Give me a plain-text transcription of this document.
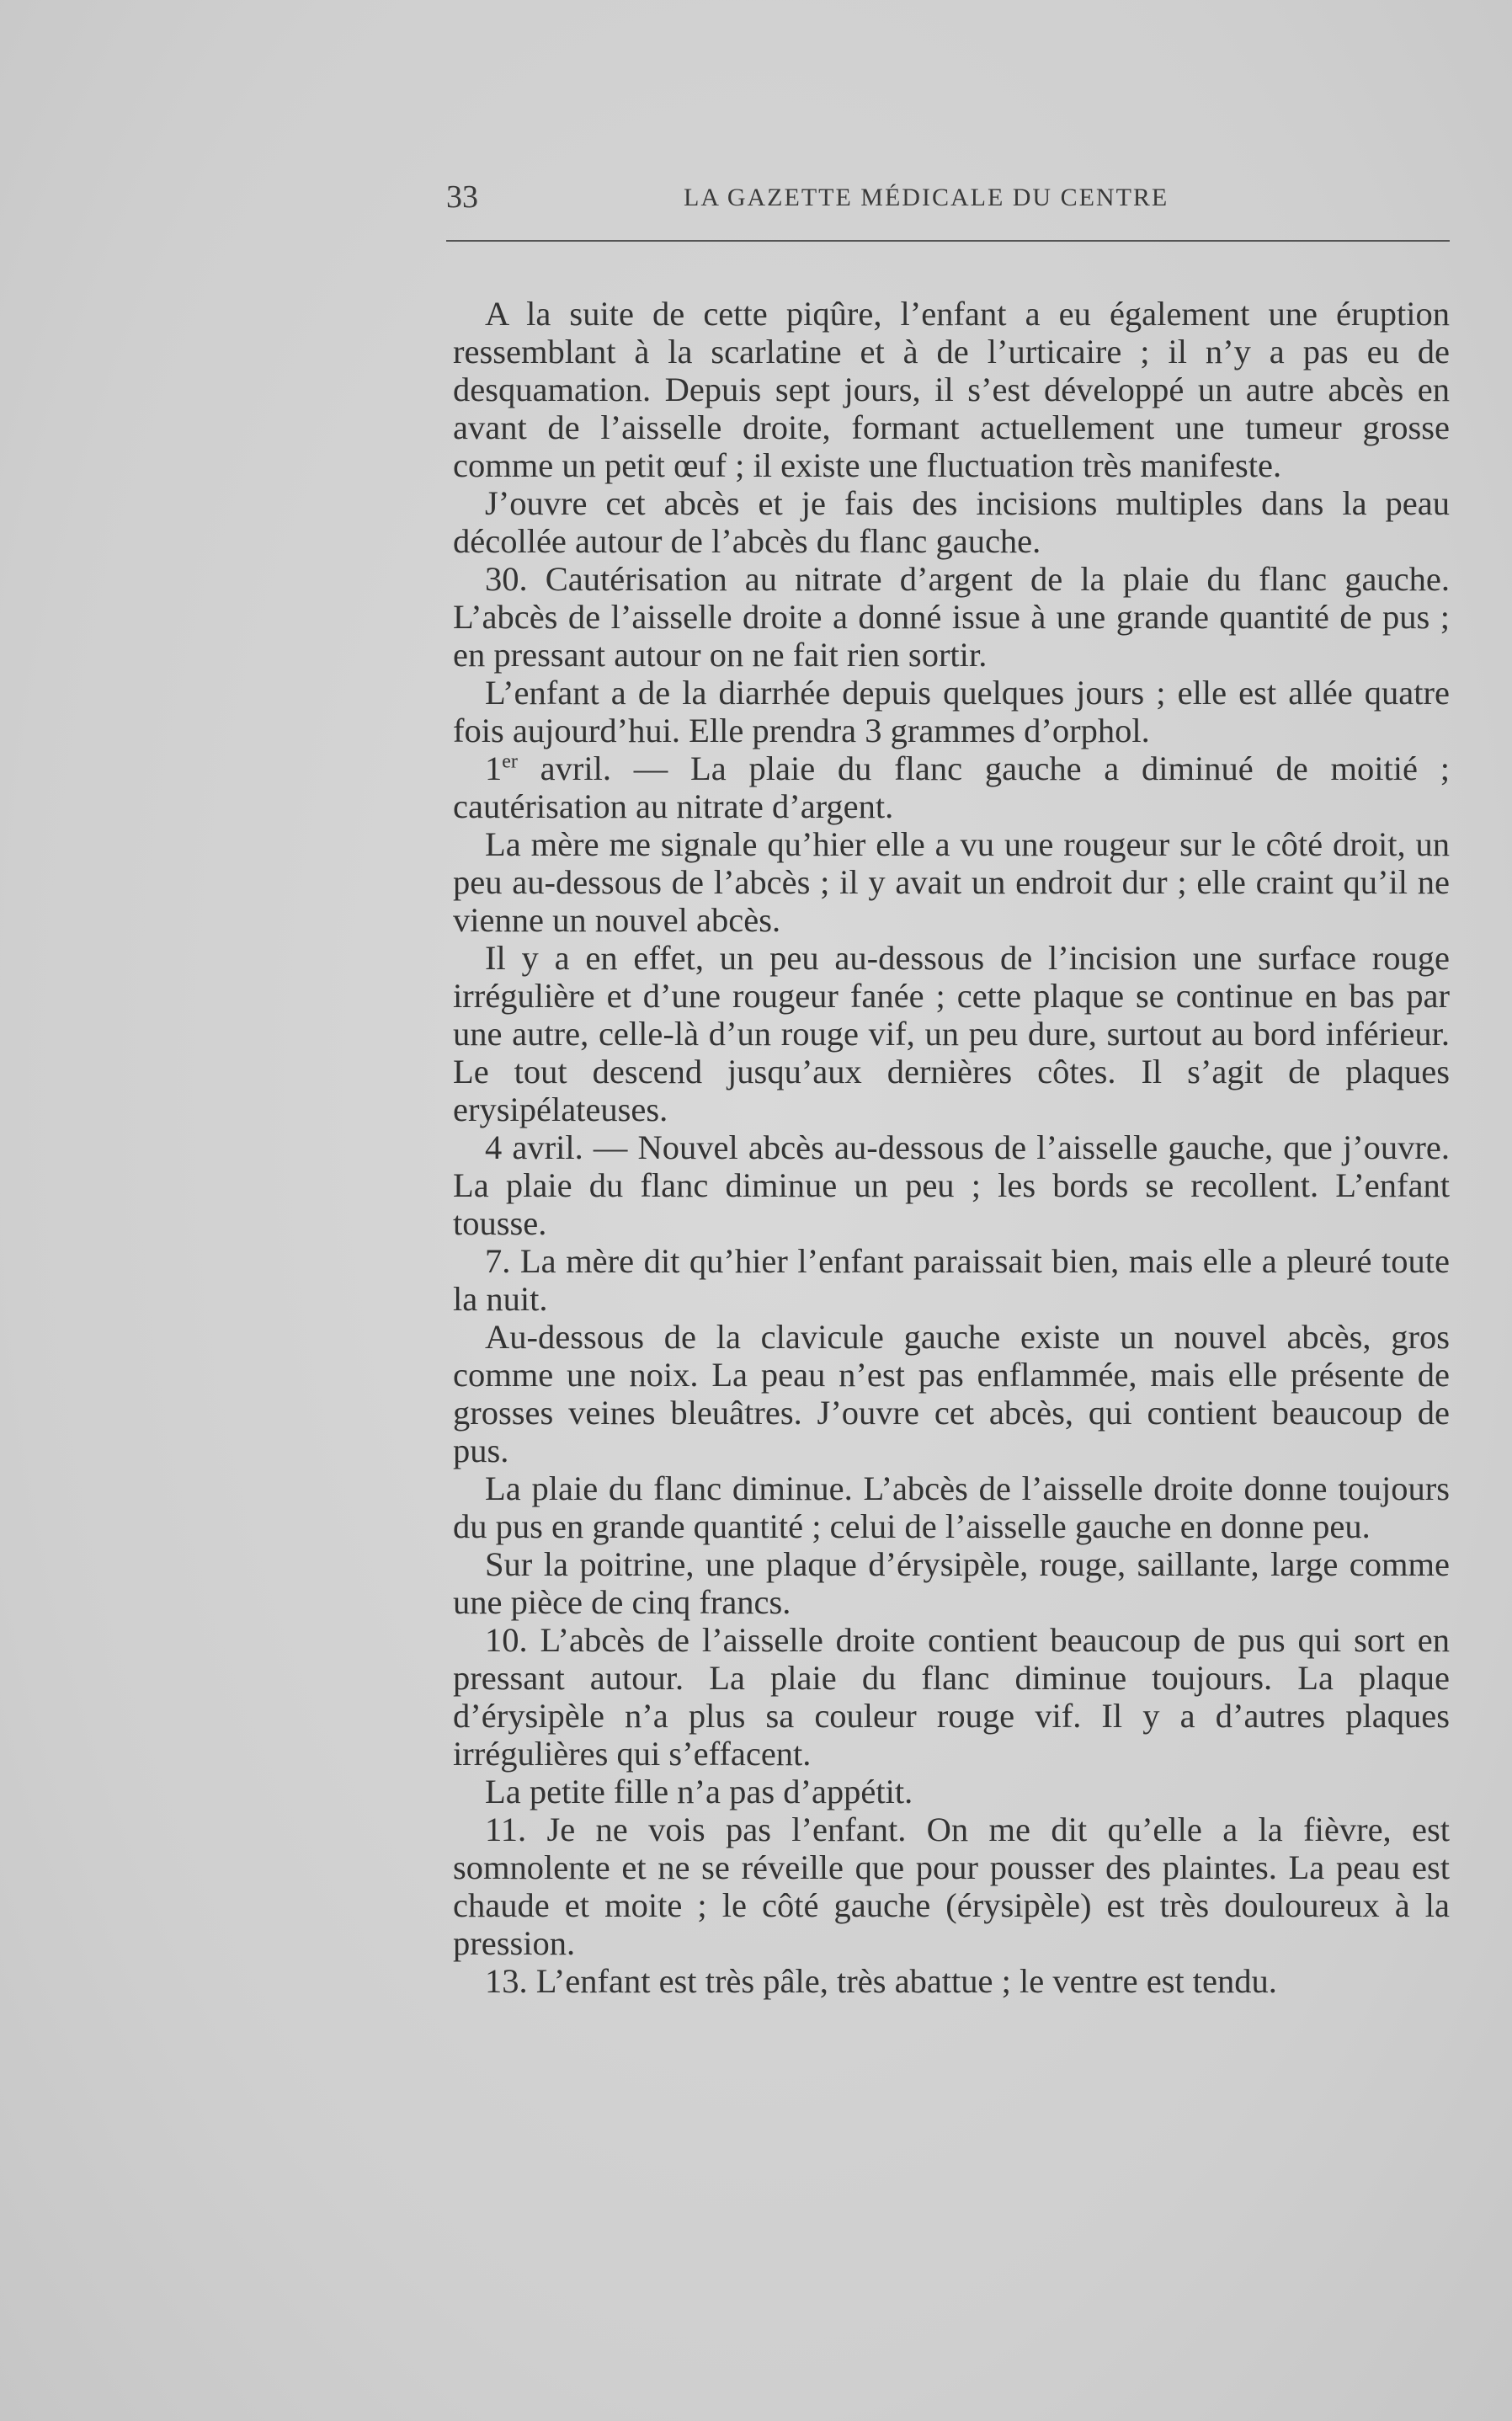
33	LA GAZETTE MÉDICALE DU CENTRE

A la suite de cette piqûre, l’enfant a eu également une éruption ressemblant à la scarlatine et à de l’urticaire ; il n’y a pas eu de desquamation. Depuis sept jours, il s’est développé un autre abcès en avant de l’aisselle droite, formant actuellement une tumeur grosse comme un petit œuf ; il existe une fluctuation très manifeste.

J’ouvre cet abcès et je fais des incisions multiples dans la peau décollée autour de l’abcès du flanc gauche.

30. Cautérisation au nitrate d’argent de la plaie du flanc gauche. L’abcès de l’aisselle droite a donné issue à une grande quantité de pus ; en pressant autour on ne fait rien sortir.

L’enfant a de la diarrhée depuis quelques jours ; elle est allée quatre fois aujourd’hui. Elle prendra 3 grammes d’orphol.

1er avril. — La plaie du flanc gauche a diminué de moitié ; cautérisation au nitrate d’argent.

La mère me signale qu’hier elle a vu une rougeur sur le côté droit, un peu au-dessous de l’abcès ; il y avait un endroit dur ; elle craint qu’il ne vienne un nouvel abcès.

Il y a en effet, un peu au-dessous de l’incision une surface rouge irrégulière et d’une rougeur fanée ; cette plaque se continue en bas par une autre, celle-là d’un rouge vif, un peu dure, surtout au bord inférieur. Le tout descend jusqu’aux dernières côtes. Il s’agit de plaques erysipélateuses.

4 avril. — Nouvel abcès au-dessous de l’aisselle gauche, que j’ouvre. La plaie du flanc diminue un peu ; les bords se recollent. L’enfant tousse.

7. La mère dit qu’hier l’enfant paraissait bien, mais elle a pleuré toute la nuit.

Au-dessous de la clavicule gauche existe un nouvel abcès, gros comme une noix. La peau n’est pas enflammée, mais elle présente de grosses veines bleuâtres. J’ouvre cet abcès, qui contient beaucoup de pus.

La plaie du flanc diminue. L’abcès de l’aisselle droite donne toujours du pus en grande quantité ; celui de l’aisselle gauche en donne peu.

Sur la poitrine, une plaque d’érysipèle, rouge, saillante, large comme une pièce de cinq francs.

10. L’abcès de l’aisselle droite contient beaucoup de pus qui sort en pressant autour. La plaie du flanc diminue toujours. La plaque d’érysipèle n’a plus sa couleur rouge vif. Il y a d’autres plaques irrégulières qui s’effacent.

La petite fille n’a pas d’appétit.

11. Je ne vois pas l’enfant. On me dit qu’elle a la fièvre, est somnolente et ne se réveille que pour pousser des plaintes. La peau est chaude et moite ; le côté gauche (érysipèle) est très douloureux à la pression.

13. L’enfant est très pâle, très abattue ; le ventre est tendu.
